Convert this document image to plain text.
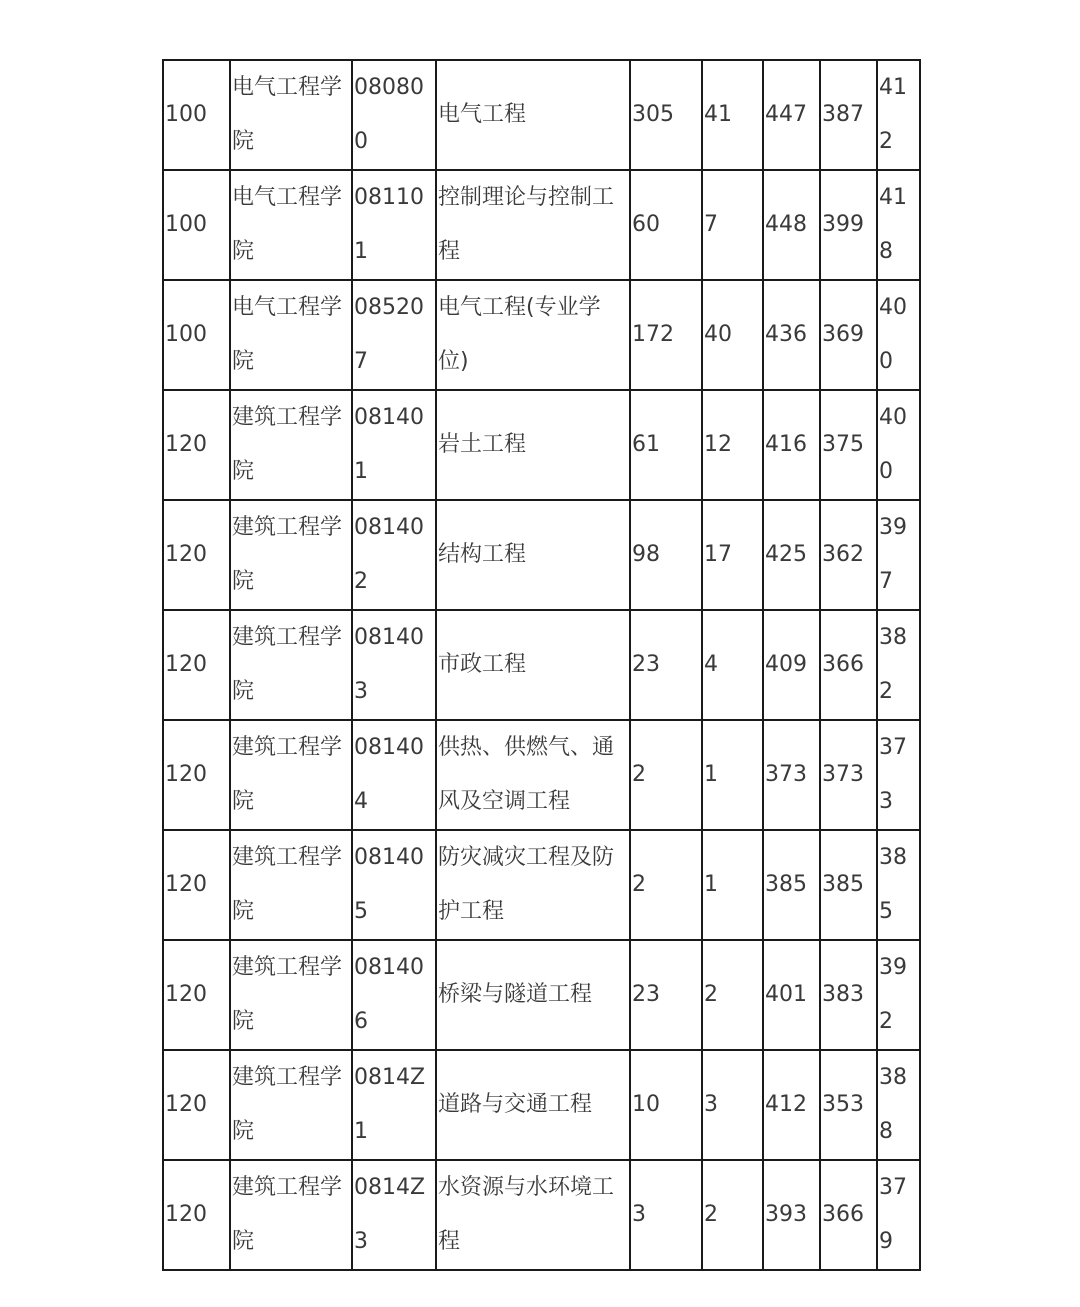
100	电气工程学院	080800	电气工程	305	41	447	387	412
100	电气工程学院	081101	控制理论与控制工程	60	7	448	399	418
100	电气工程学院	085207	电气工程(专业学位)	172	40	436	369	400
120	建筑工程学院	081401	岩土工程	61	12	416	375	400
120	建筑工程学院	081402	结构工程	98	17	425	362	397
120	建筑工程学院	081403	市政工程	23	4	409	366	382
120	建筑工程学院	081404	供热、供燃气、通风及空调工程	2	1	373	373	373
120	建筑工程学院	081405	防灾减灾工程及防护工程	2	1	385	385	385
120	建筑工程学院	081406	桥梁与隧道工程	23	2	401	383	392
120	建筑工程学院	0814Z1	道路与交通工程	10	3	412	353	388
120	建筑工程学院	0814Z3	水资源与水环境工程	3	2	393	366	379
